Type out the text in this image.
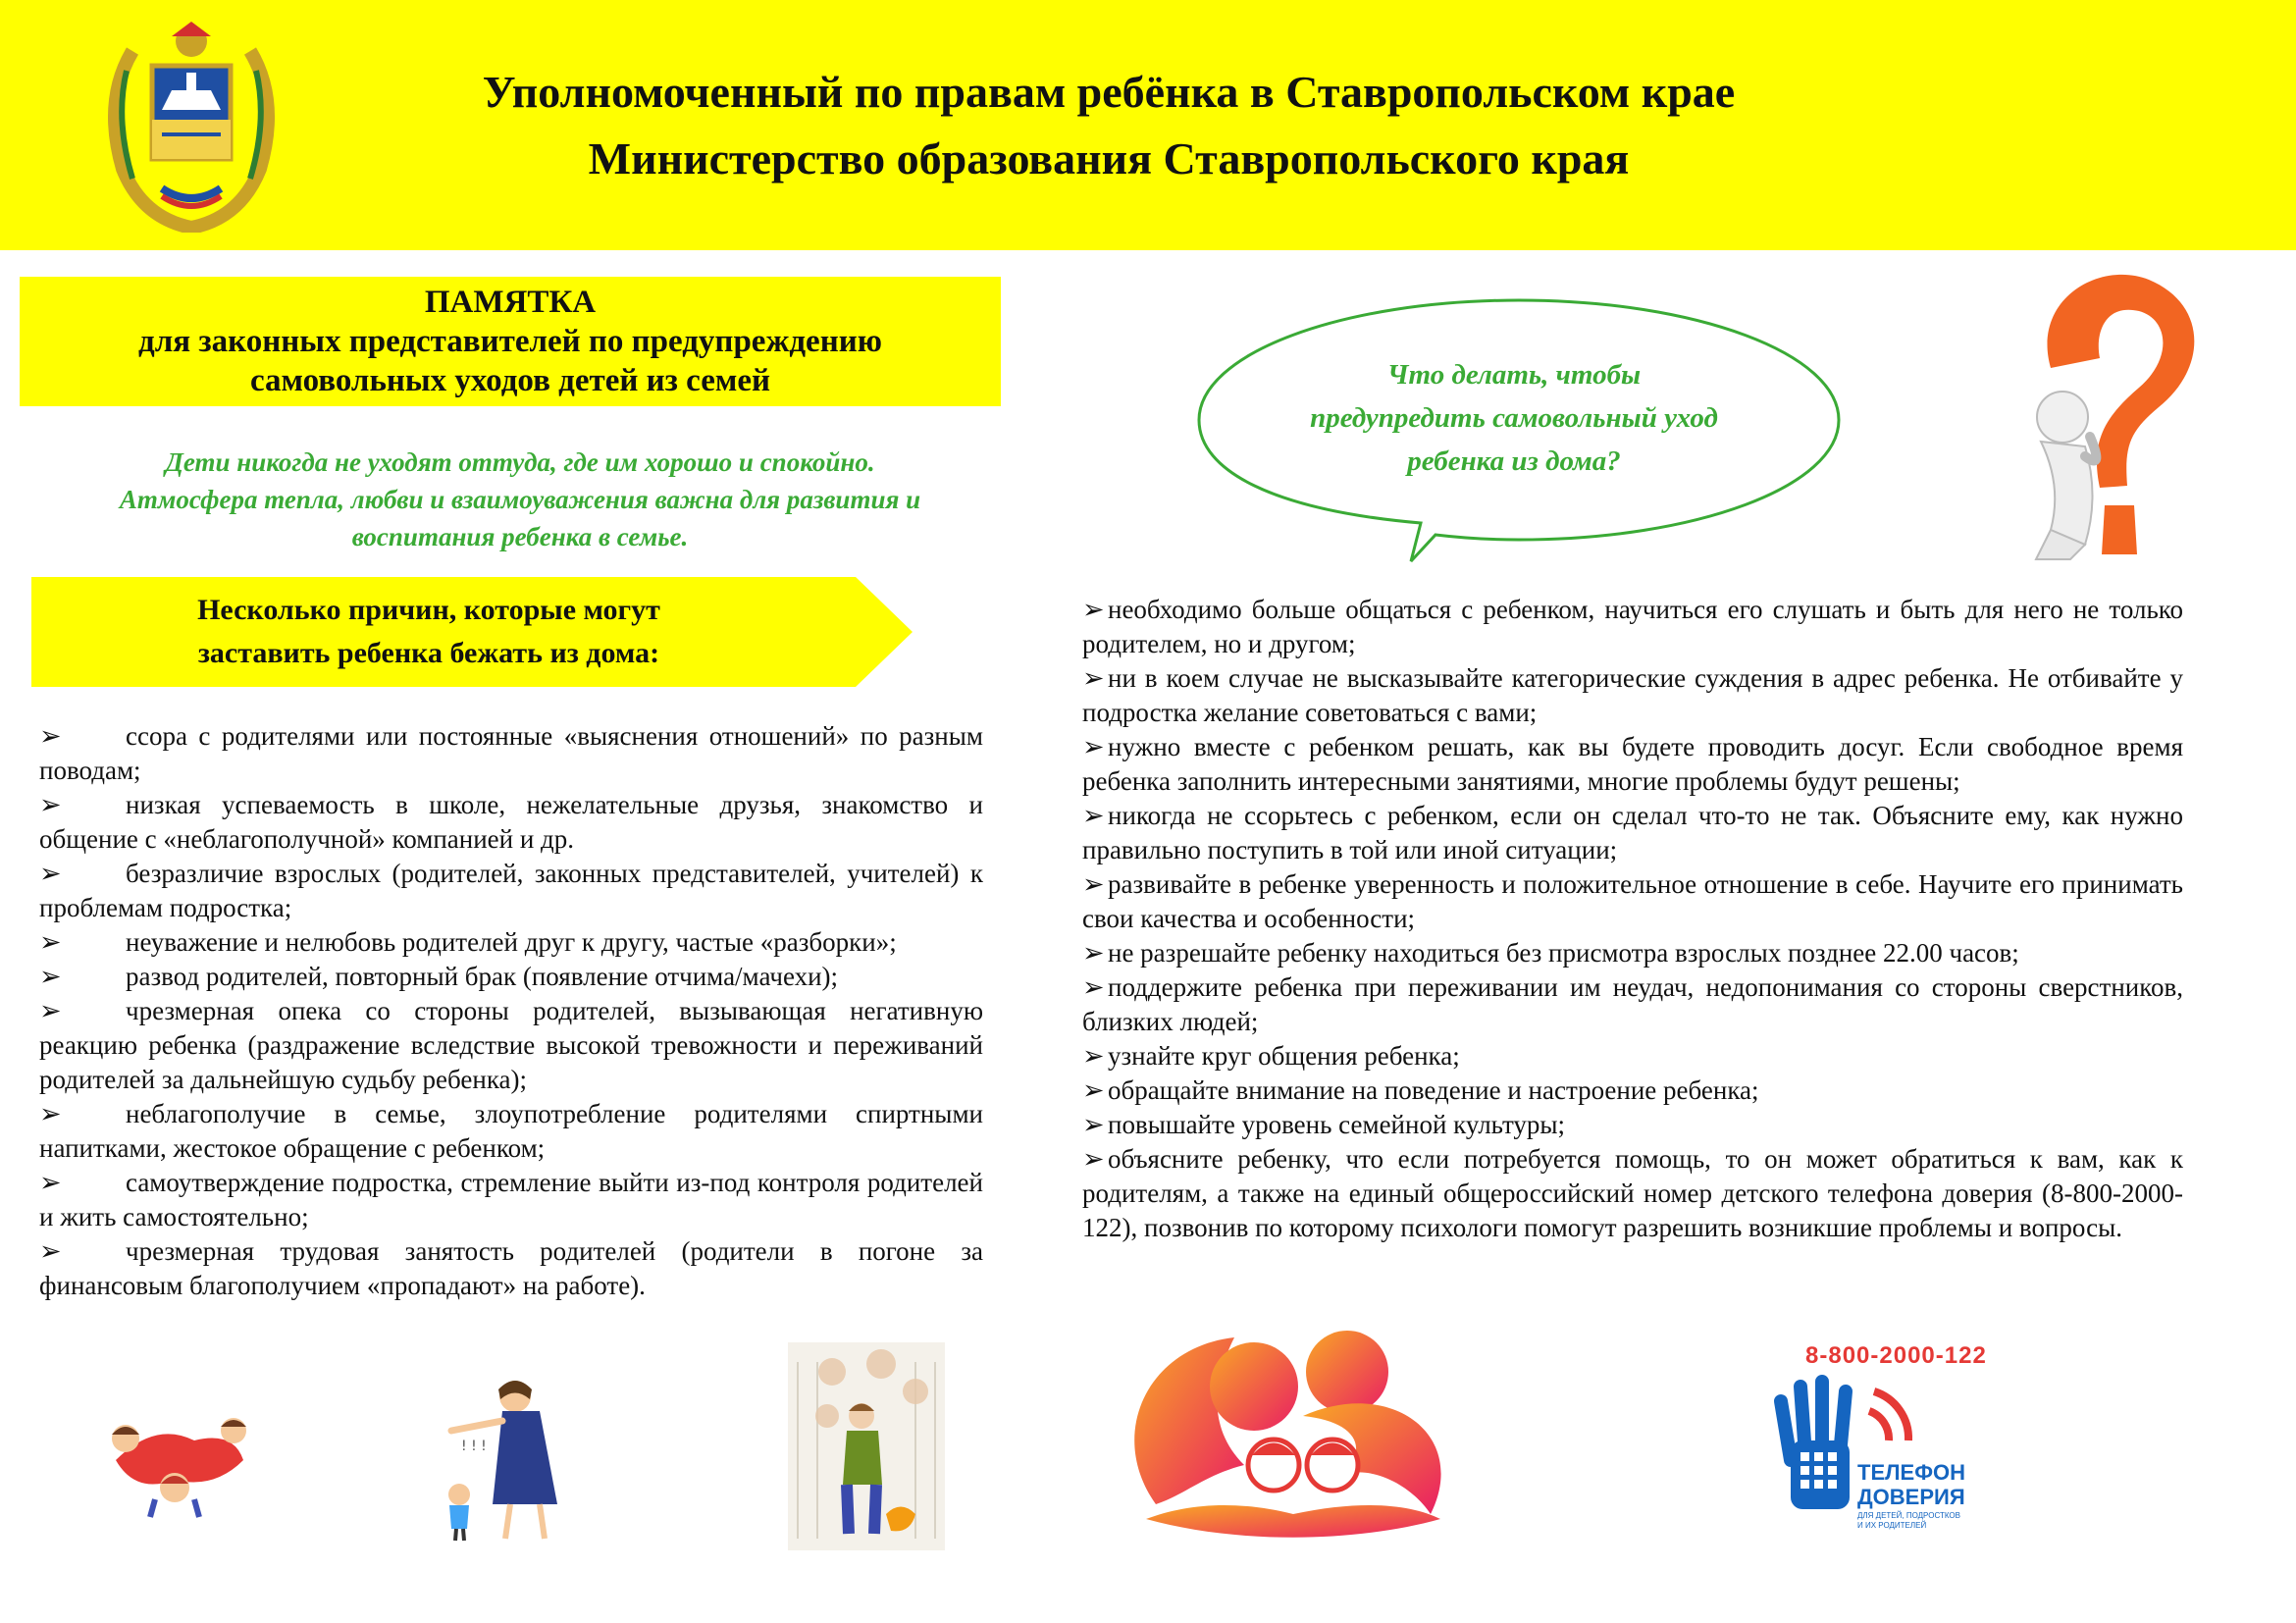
Уполномоченный по правам ребёнка в Ставропольском крае
Министерство образования Ставропольского края
ПАМЯТКА
для законных представителей по предупреждению
самовольных уходов детей из семей
Дети никогда не уходят оттуда, где им хорошо и спокойно.
Атмосфера тепла, любви и взаимоуважения важна для развития и
воспитания ребенка в семье.
Несколько причин, которые могут
заставить ребенка бежать из дома:
➢ ссора с родителями или постоянные «выяснения отношений» по разным поводам;
➢ низкая успеваемость в школе, нежелательные друзья, знакомство и общение с «неблагополучной» компанией и др.
➢ безразличие взрослых (родителей, законных представителей, учителей) к проблемам подростка;
➢ неуважение и нелюбовь родителей друг к другу, частые «разборки»;
➢ развод родителей, повторный брак (появление отчима/мачехи);
➢ чрезмерная опека со стороны родителей, вызывающая негативную реакцию ребенка (раздражение вследствие высокой тревожности и переживаний родителей за дальнейшую судьбу ребенка);
➢ неблагополучие в семье, злоупотребление родителями спиртными напитками, жестокое обращение с ребенком;
➢ самоутверждение подростка, стремление выйти из-под контроля родителей и жить самостоятельно;
➢ чрезмерная трудовая занятость родителей (родители в погоне за финансовым благополучием «пропадают» на работе).
Что делать, чтобы
предупредить самовольный уход
ребенка из дома?
➢ необходимо больше общаться с ребенком, научиться его слушать и быть для него не только родителем, но и другом;
➢ ни в коем случае не высказывайте категорические суждения в адрес ребенка. Не отбивайте у подростка желание советоваться с вами;
➢ нужно вместе с ребенком решать, как вы будете проводить досуг. Если свободное время ребенка заполнить интересными занятиями, многие проблемы будут решены;
➢ никогда не ссорьтесь с ребенком, если он сделал что-то не так. Объясните ему, как нужно правильно поступить в той или иной ситуации;
➢ развивайте в ребенке уверенность и положительное отношение в себе. Научите его принимать свои качества и особенности;
➢ не разрешайте ребенку находиться без присмотра взрослых позднее 22.00 часов;
➢ поддержите ребенка при переживании им неудач, недопонимания со стороны сверстников, близких людей;
➢ узнайте круг общения ребенка;
➢ обращайте внимание на поведение и настроение ребенка;
➢ повышайте уровень семейной культуры;
➢ объясните ребенку, что если потребуется помощь, то он может обратиться к вам, как к родителям, а также на единый общероссийский номер детского телефона доверия (8-800-2000-122), позвонив по которому психологи помогут разрешить возникшие проблемы и вопросы.
! ! !
8-800-2000-122
ТЕЛЕФОН
ДОВЕРИЯ
ДЛЯ ДЕТЕЙ, ПОДРОСТКОВ
И ИХ РОДИТЕЛЕЙ
